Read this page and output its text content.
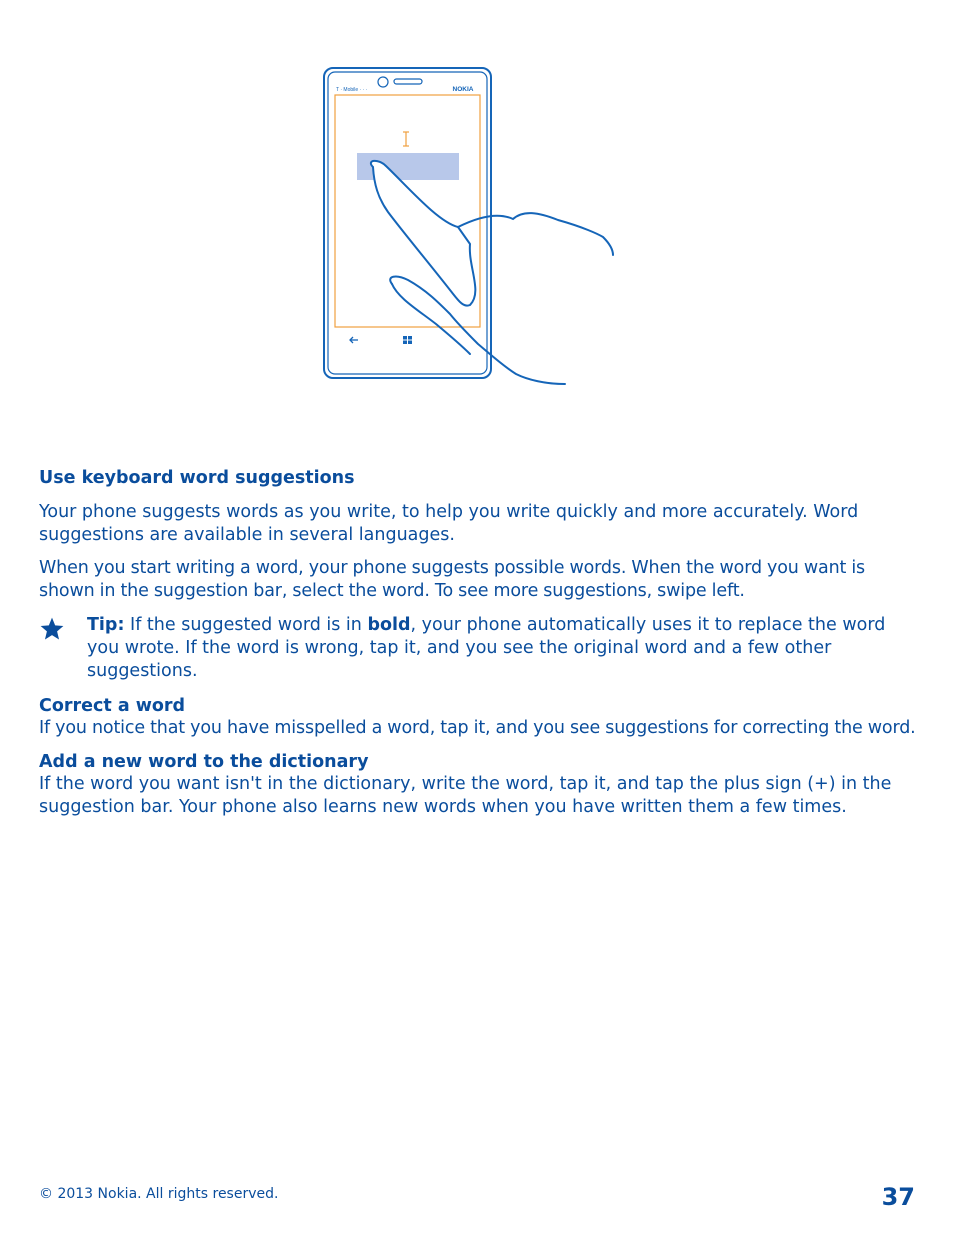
NOKIA
T · Mobile · · ·
Use keyboard word suggestions

Your phone suggests words as you write, to help you write quickly and more accurately. Word suggestions are available in several languages.

When you start writing a word, your phone suggests possible words. When the word you want is shown in the suggestion bar, select the word. To see more suggestions, swipe left.

Tip: If the suggested word is in bold, your phone automatically uses it to replace the word you wrote. If the word is wrong, tap it, and you see the original word and a few other suggestions.

Correct a word

If you notice that you have misspelled a word, tap it, and you see suggestions for correcting the word.

Add a new word to the dictionary

If the word you want isn't in the dictionary, write the word, tap it, and tap the plus sign (+) in the suggestion bar. Your phone also learns new words when you have written them a few times.

© 2013 Nokia. All rights reserved.	37
